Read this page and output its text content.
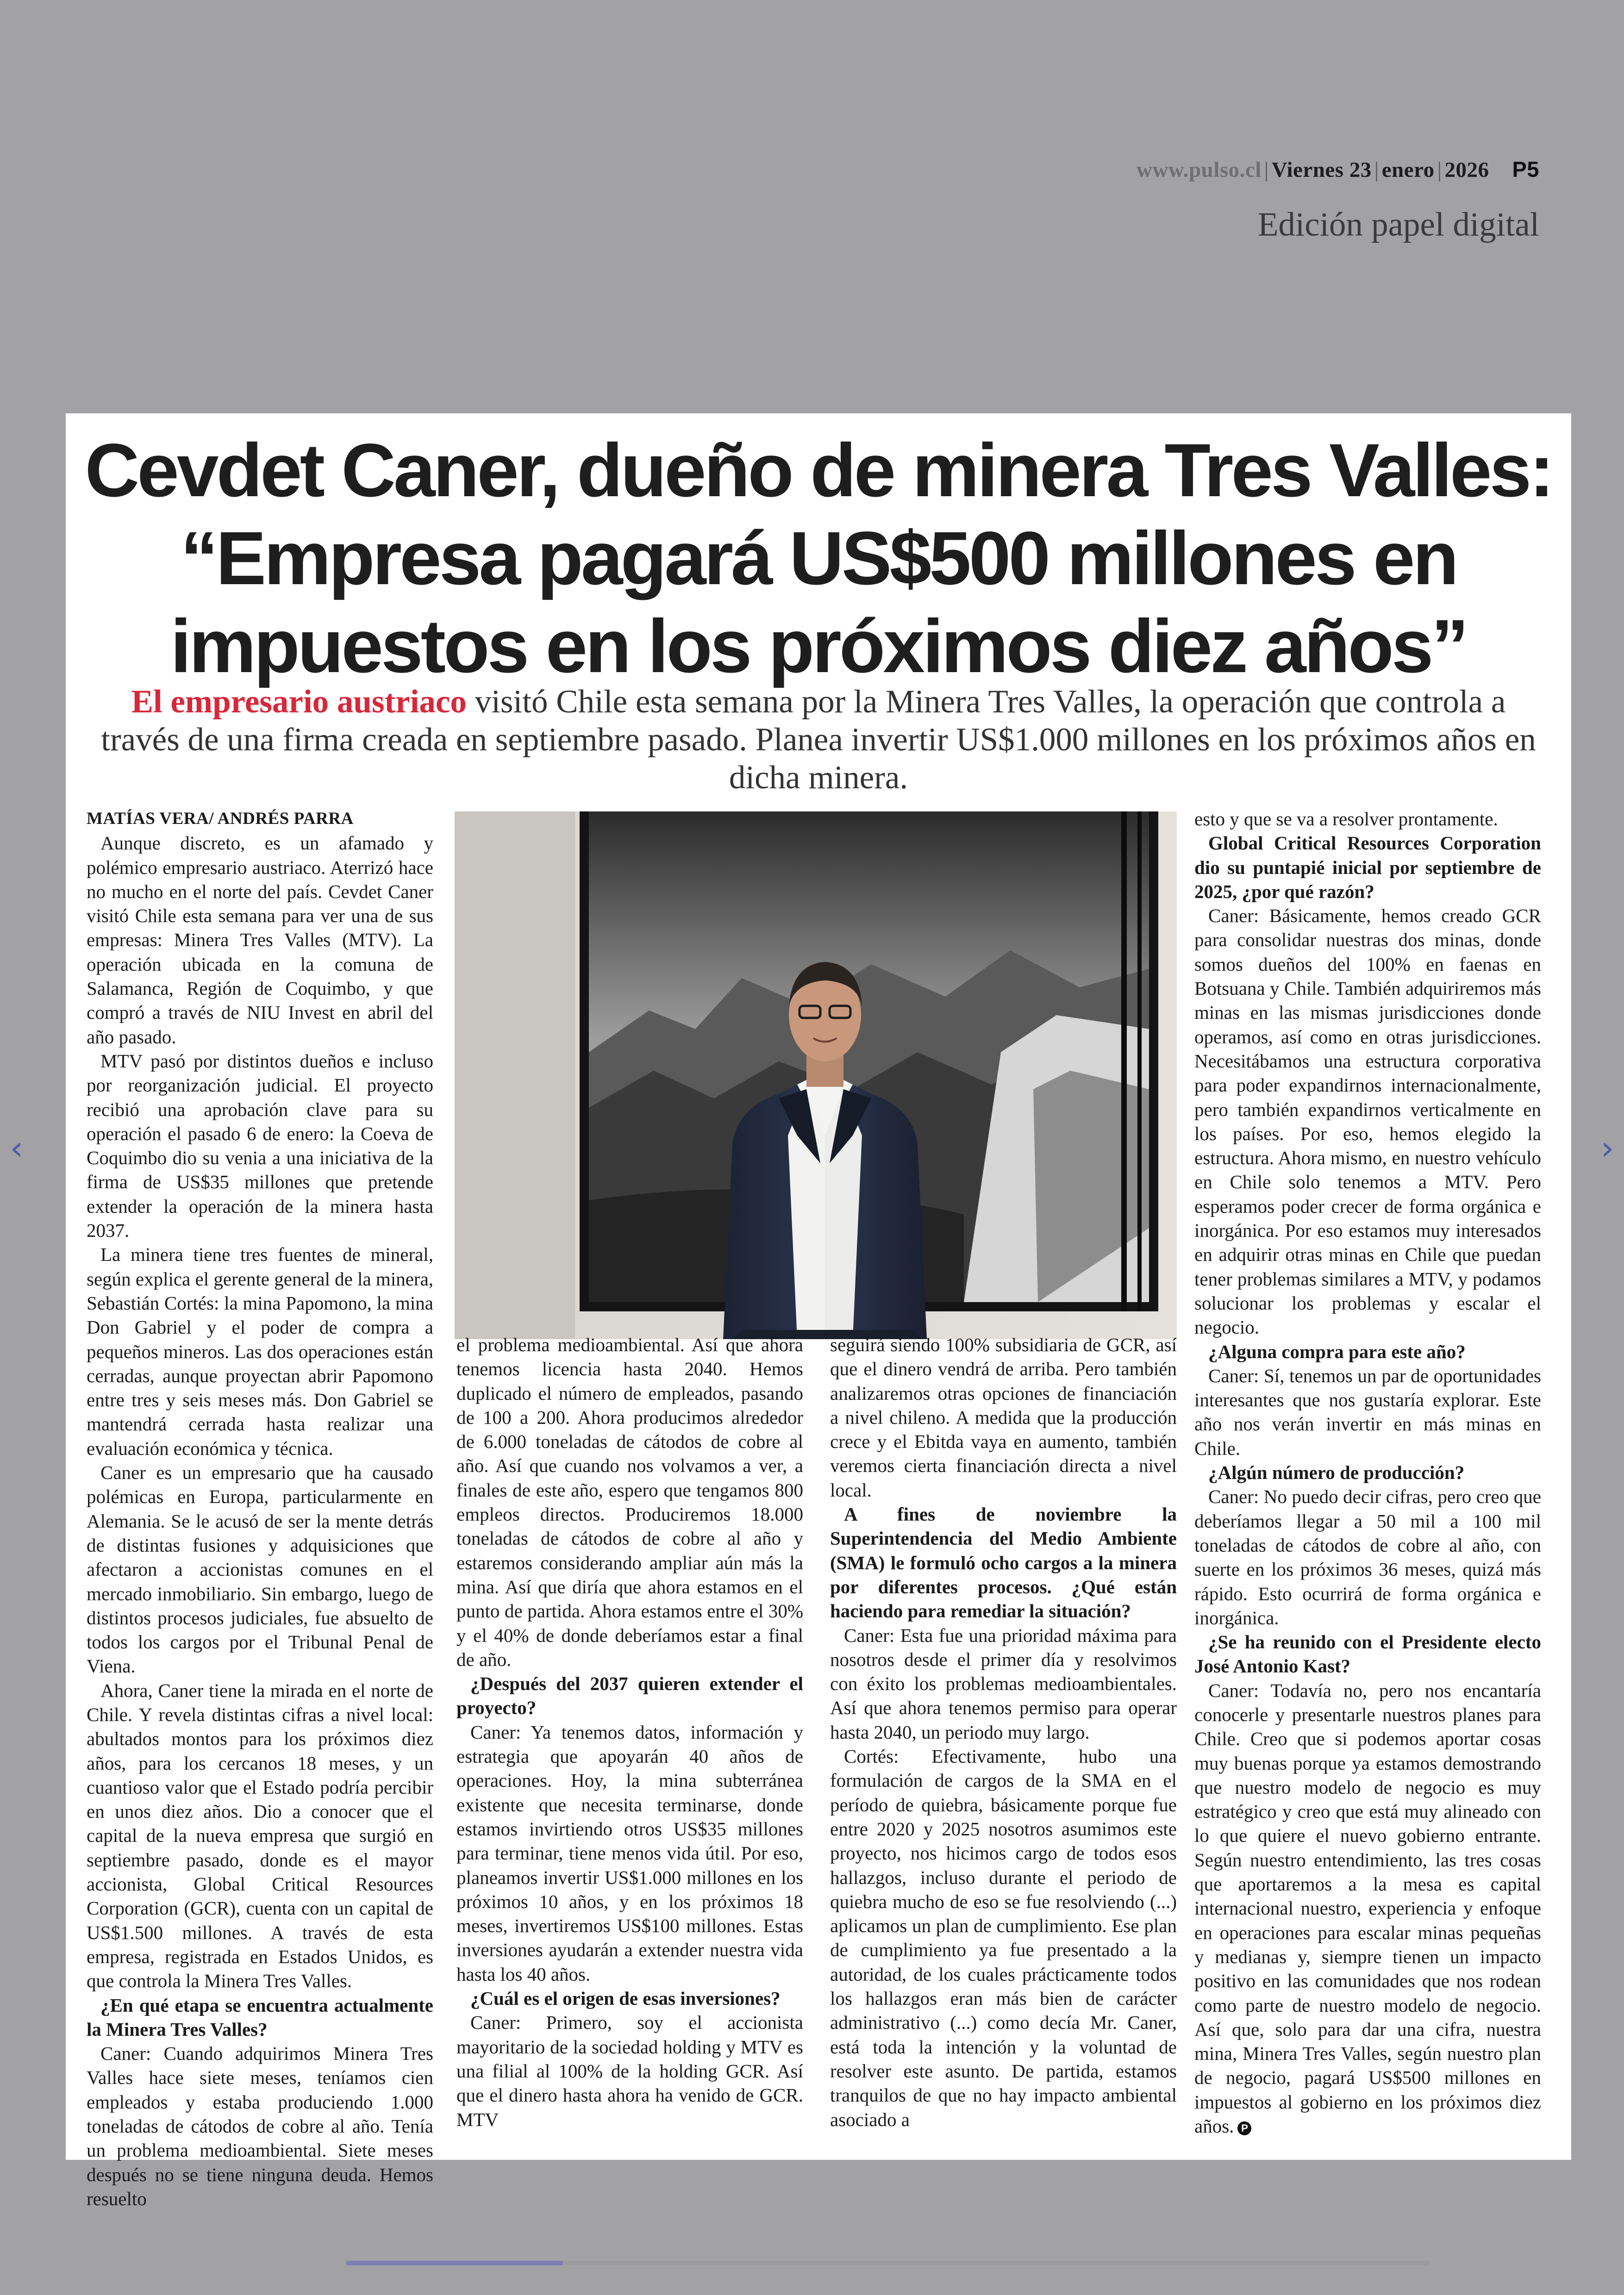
www.pulso.cl | Viernes 23 | enero | 2026 P5
Edición papel digital
Cevdet Caner, dueño de minera Tres Valles: “Empresa pagará US$500 millones en impuestos en los próximos diez años”
El empresario austriaco visitó Chile esta semana por la Minera Tres Valles, la operación que controla a través de una firma creada en septiembre pasado. Planea invertir US$1.000 millones en los próximos años en dicha minera.

MATÍAS VERA/ ANDRÉS PARRA

Aunque discreto, es un afamado y polémico empresario austriaco. Aterrizó hace no mucho en el norte del país. Cevdet Caner visitó Chile esta semana para ver una de sus empresas: Minera Tres Valles (MTV). La operación ubicada en la comuna de Salamanca, Región de Coquimbo, y que compró a través de NIU Invest en abril del año pasado.

MTV pasó por distintos dueños e incluso por reorganización judicial. El proyecto recibió una aprobación clave para su operación el pasado 6 de enero: la Coeva de Coquimbo dio su venia a una iniciativa de la firma de US$35 millones que pretende extender la operación de la minera hasta 2037.

La minera tiene tres fuentes de mineral, según explica el gerente general de la minera, Sebastián Cortés: la mina Papomono, la mina Don Gabriel y el poder de compra a pequeños mineros. Las dos operaciones están cerradas, aunque proyectan abrir Papomono entre tres y seis meses más. Don Gabriel se mantendrá cerrada hasta realizar una evaluación económica y técnica.

Caner es un empresario que ha causado polémicas en Europa, particularmente en Alemania. Se le acusó de ser la mente detrás de distintas fusiones y adquisiciones que afectaron a accionistas comunes en el mercado inmobiliario. Sin embargo, luego de distintos procesos judiciales, fue absuelto de todos los cargos por el Tribunal Penal de Viena.

Ahora, Caner tiene la mirada en el norte de Chile. Y revela distintas cifras a nivel local: abultados montos para los próximos diez años, para los cercanos 18 meses, y un cuantioso valor que el Estado podría percibir en unos diez años. Dio a conocer que el capital de la nueva empresa que surgió en septiembre pasado, donde es el mayor accionista, Global Critical Resources Corporation (GCR), cuenta con un capital de US$1.500 millones. A través de esta empresa, registrada en Estados Unidos, es que controla la Minera Tres Valles.

¿En qué etapa se encuentra actualmente la Minera Tres Valles?

Caner: Cuando adquirimos Minera Tres Valles hace siete meses, teníamos cien empleados y estaba produciendo 1.000 toneladas de cátodos de cobre al año. Tenía un problema medioambiental. Siete meses después no se tiene ninguna deuda. Hemos resuelto

el problema medioambiental. Así que ahora tenemos licencia hasta 2040. Hemos duplicado el número de empleados, pasando de 100 a 200. Ahora producimos alrededor de 6.000 toneladas de cátodos de cobre al año. Así que cuando nos volvamos a ver, a finales de este año, espero que tengamos 800 empleos directos. Produciremos 18.000 toneladas de cátodos de cobre al año y estaremos considerando ampliar aún más la mina. Así que diría que ahora estamos en el punto de partida. Ahora estamos entre el 30% y el 40% de donde deberíamos estar a final de año.

¿Después del 2037 quieren extender el proyecto?

Caner: Ya tenemos datos, información y estrategia que apoyarán 40 años de operaciones. Hoy, la mina subterránea existente que necesita terminarse, donde estamos invirtiendo otros US$35 millones para terminar, tiene menos vida útil. Por eso, planeamos invertir US$1.000 millones en los próximos 10 años, y en los próximos 18 meses, invertiremos US$100 millones. Estas inversiones ayudarán a extender nuestra vida hasta los 40 años.

¿Cuál es el origen de esas inversiones?

Caner: Primero, soy el accionista mayoritario de la sociedad holding y MTV es una filial al 100% de la holding GCR. Así que el dinero hasta ahora ha venido de GCR. MTV

seguirá siendo 100% subsidiaria de GCR, así que el dinero vendrá de arriba. Pero también analizaremos otras opciones de financiación a nivel chileno. A medida que la producción crece y el Ebitda vaya en aumento, también veremos cierta financiación directa a nivel local.

A fines de noviembre la Superintendencia del Medio Ambiente (SMA) le formuló ocho cargos a la minera por diferentes procesos. ¿Qué están haciendo para remediar la situación?

Caner: Esta fue una prioridad máxima para nosotros desde el primer día y resolvimos con éxito los problemas medioambientales. Así que ahora tenemos permiso para operar hasta 2040, un periodo muy largo.

Cortés: Efectivamente, hubo una formulación de cargos de la SMA en el período de quiebra, básicamente porque fue entre 2020 y 2025 nosotros asumimos este proyecto, nos hicimos cargo de todos esos hallazgos, incluso durante el periodo de quiebra mucho de eso se fue resolviendo (...) aplicamos un plan de cumplimiento. Ese plan de cumplimiento ya fue presentado a la autoridad, de los cuales prácticamente todos los hallazgos eran más bien de carácter administrativo (...) como decía Mr. Caner, está toda la intención y la voluntad de resolver este asunto. De partida, estamos tranquilos de que no hay impacto ambiental asociado a

esto y que se va a resolver prontamente.

Global Critical Resources Corporation dio su puntapié inicial por septiembre de 2025, ¿por qué razón?

Caner: Básicamente, hemos creado GCR para consolidar nuestras dos minas, donde somos dueños del 100% en faenas en Botsuana y Chile. También adquiriremos más minas en las mismas jurisdicciones donde operamos, así como en otras jurisdicciones. Necesitábamos una estructura corporativa para poder expandirnos internacionalmente, pero también expandirnos verticalmente en los países. Por eso, hemos elegido la estructura. Ahora mismo, en nuestro vehículo en Chile solo tenemos a MTV. Pero esperamos poder crecer de forma orgánica e inorgánica. Por eso estamos muy interesados en adquirir otras minas en Chile que puedan tener problemas similares a MTV, y podamos solucionar los problemas y escalar el negocio.

¿Alguna compra para este año?

Caner: Sí, tenemos un par de oportunidades interesantes que nos gustaría explorar. Este año nos verán invertir en más minas en Chile.

¿Algún número de producción?

Caner: No puedo decir cifras, pero creo que deberíamos llegar a 50 mil a 100 mil toneladas de cátodos de cobre al año, con suerte en los próximos 36 meses, quizá más rápido. Esto ocurrirá de forma orgánica e inorgánica.

¿Se ha reunido con el Presidente electo José Antonio Kast?

Caner: Todavía no, pero nos encantaría conocerle y presentarle nuestros planes para Chile. Creo que si podemos aportar cosas muy buenas porque ya estamos demostrando que nuestro modelo de negocio es muy estratégico y creo que está muy alineado con lo que quiere el nuevo gobierno entrante. Según nuestro entendimiento, las tres cosas que aportaremos a la mesa es capital internacional nuestro, experiencia y enfoque en operaciones para escalar minas pequeñas y medianas y, siempre tienen un impacto positivo en las comunidades que nos rodean como parte de nuestro modelo de negocio. Así que, solo para dar una cifra, nuestra mina, Minera Tres Valles, según nuestro plan de negocio, pagará US$500 millones en impuestos al gobierno en los próximos diez años. P

‹	›
